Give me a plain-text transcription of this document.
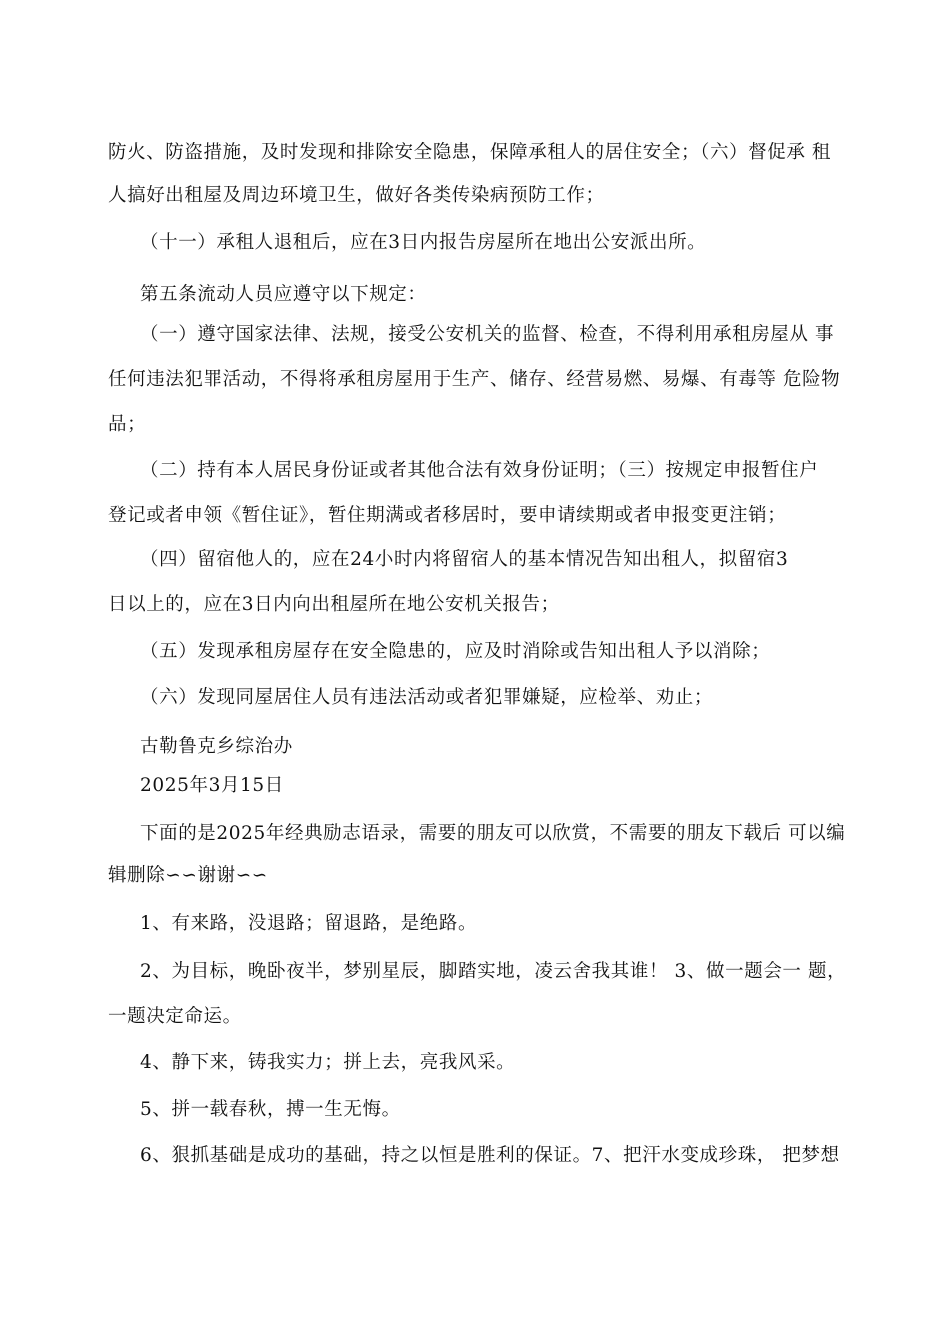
防火、防盗措施，及时发现和排除安全隐患，保障承租人的居住安全；（六）督促承 租
人搞好出租屋及周边环境卫生，做好各类传染病预防工作；
（十一）承租人退租后，应在3日内报告房屋所在地出公安派出所。
第五条流动人员应遵守以下规定：
（一）遵守国家法律、法规，接受公安机关的监督、检查，不得利用承租房屋从 事
任何违法犯罪活动，不得将承租房屋用于生产、储存、经营易燃、易爆、有毒等 危险物
品；
（二）持有本人居民身份证或者其他合法有效身份证明；（三）按规定申报暂住户
登记或者申领《暂住证》，暂住期满或者移居时，要申请续期或者申报变更注销；
（四）留宿他人的，应在24小时内将留宿人的基本情况告知出租人，拟留宿3
日以上的，应在3日内向出租屋所在地公安机关报告；
（五）发现承租房屋存在安全隐患的，应及时消除或告知出租人予以消除；
（六）发现同屋居住人员有违法活动或者犯罪嫌疑，应检举、劝止；
古勒鲁克乡综治办
2025年3月15日
下面的是2025年经典励志语录，需要的朋友可以欣赏，不需要的朋友下载后 可以编
辑删除∽∽谢谢∽∽
1、有来路，没退路；留退路，是绝路。
2、为目标，晚卧夜半，梦别星辰，脚踏实地，凌云舍我其谁！ 3、做一题会一 题，
一题决定命运。
4、静下来，铸我实力；拼上去，亮我风采。
5、拼一载春秋，搏一生无悔。
6、狠抓基础是成功的基础，持之以恒是胜利的保证。7、把汗水变成珍珠， 把梦想
